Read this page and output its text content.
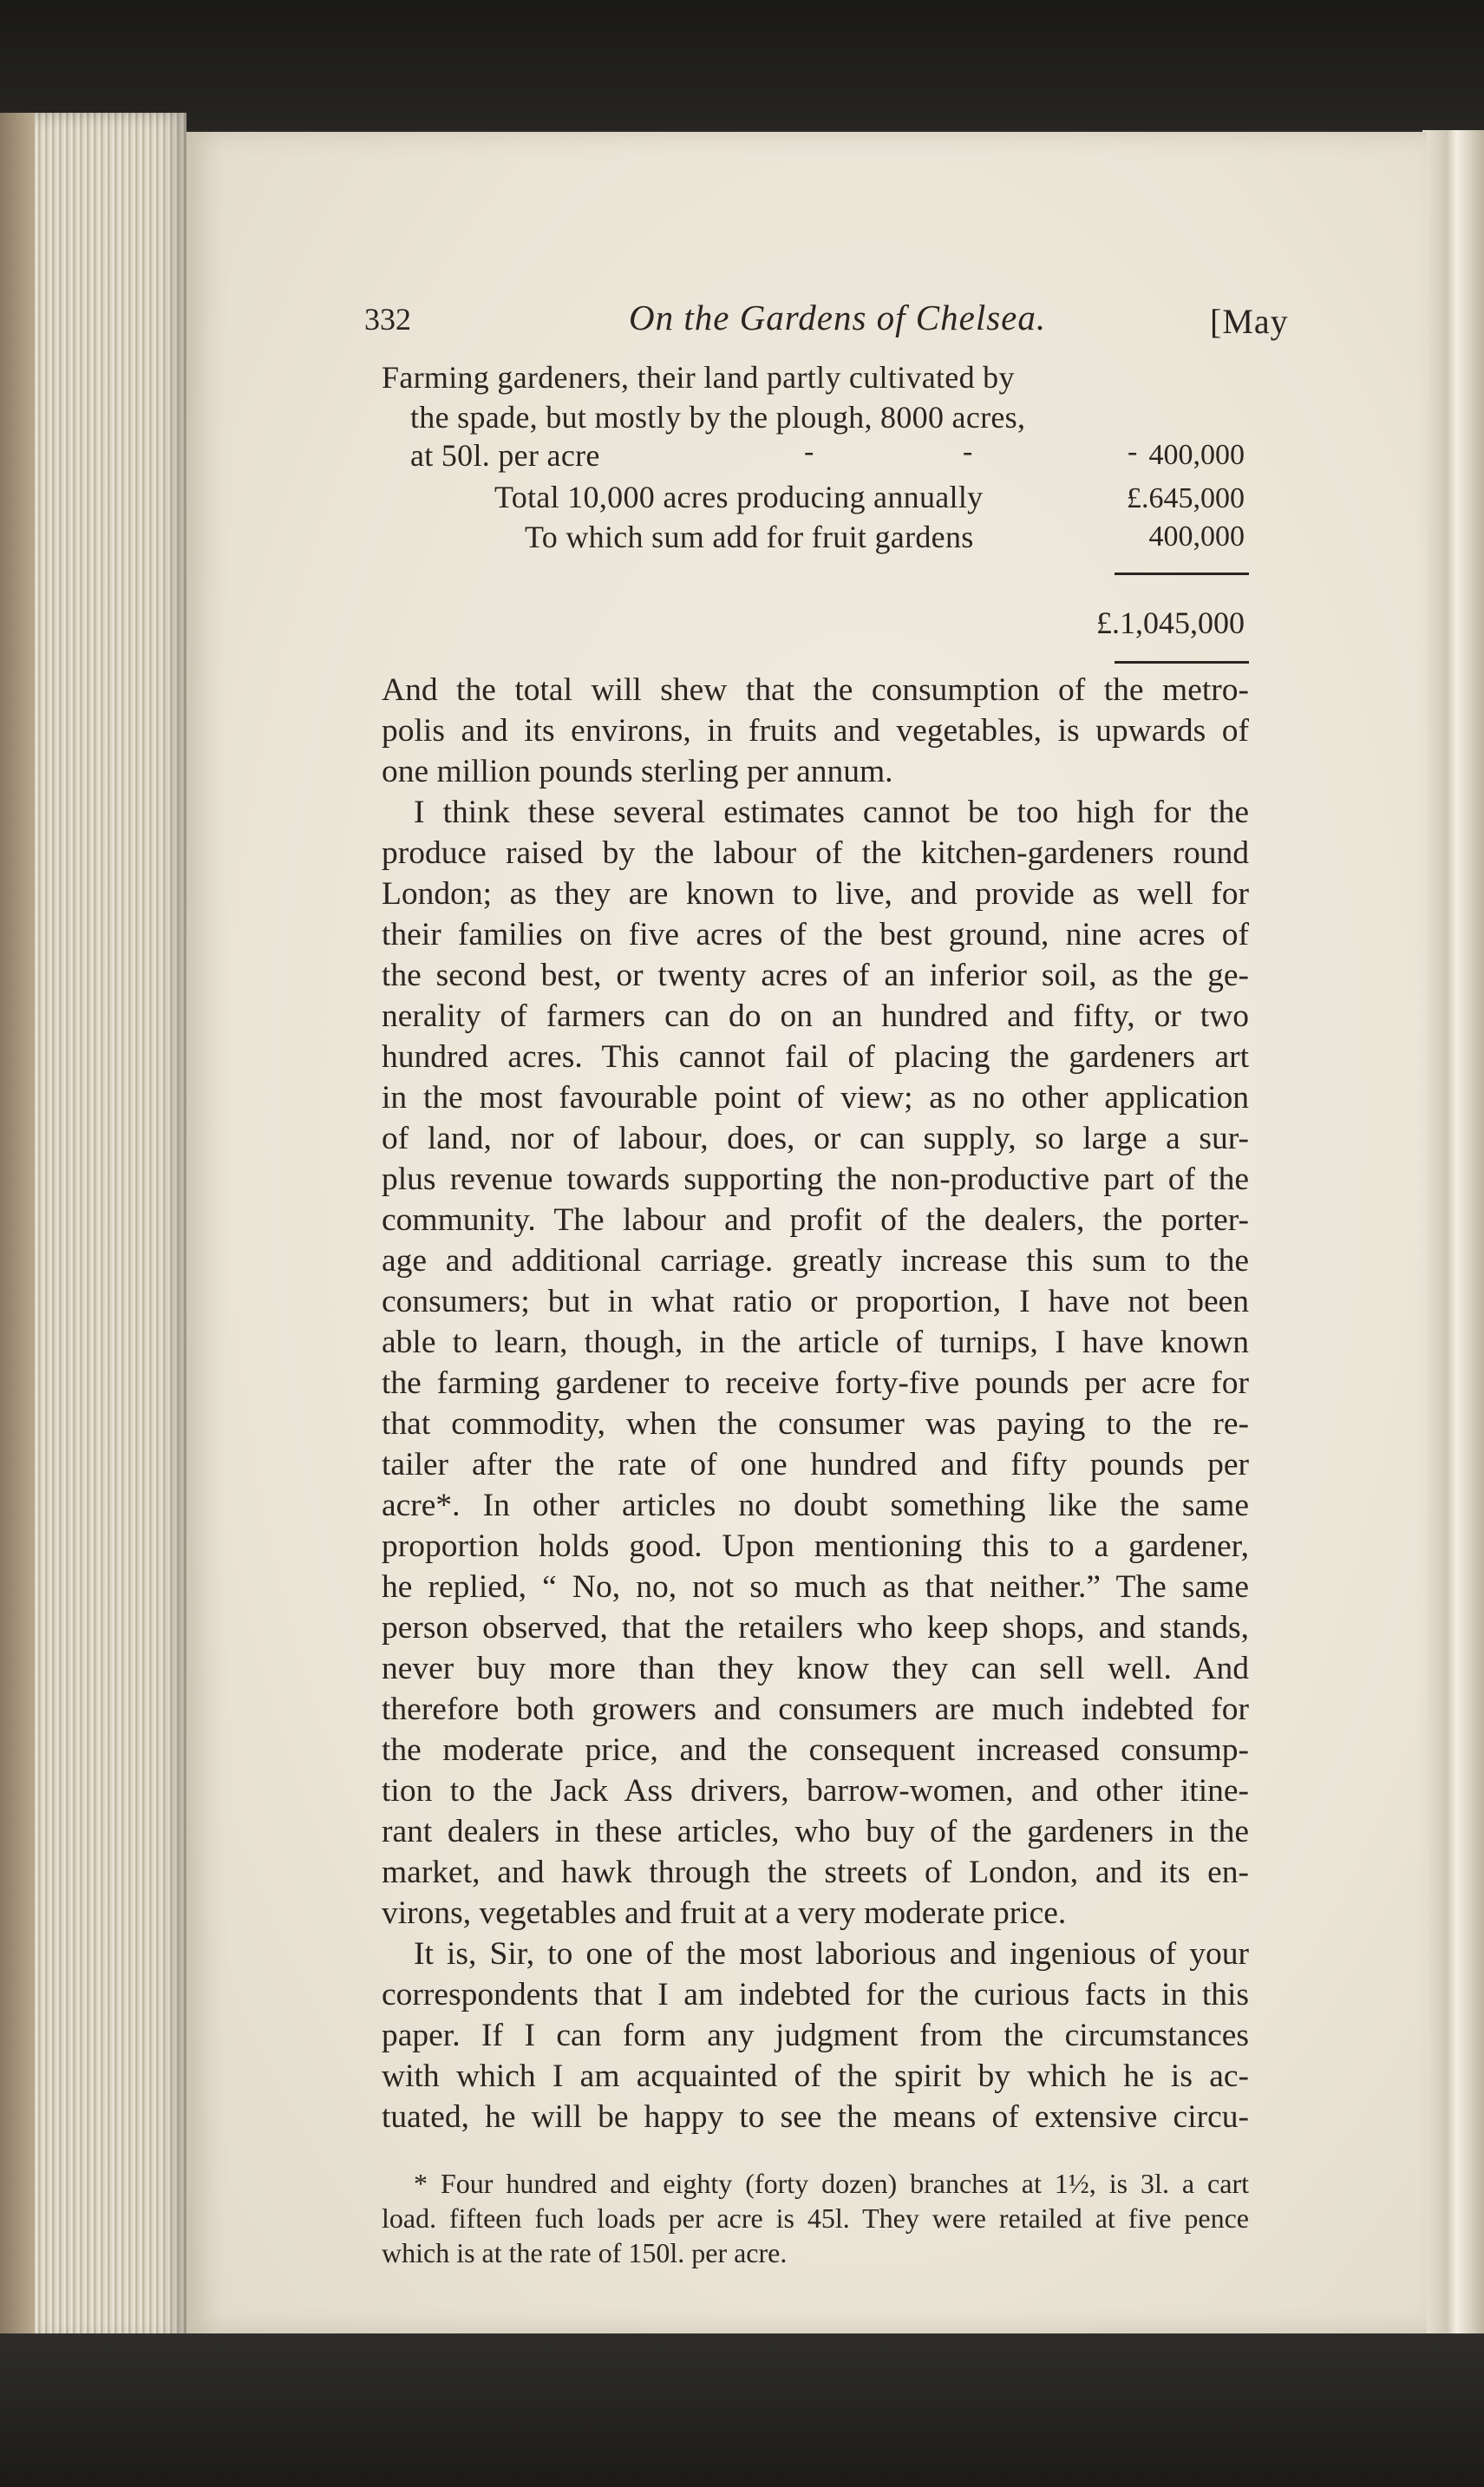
332	On the Gardens of Chelsea.	[May
Farming gardeners, their land partly cultivated by
the spade, but mostly by the plough, 8000 acres,
at 50l. per acre	-	-	- 400,000
Total 10,000 acres producing annually	£.645,000
To which sum add for fruit gardens	400,000
£.1,045,000
And the total will shew that the consumption of the metro-
polis and its environs, in fruits and vegetables, is upwards of
one million pounds sterling per annum.
I think these several estimates cannot be too high for the
produce raised by the labour of the kitchen-gardeners round
London; as they are known to live, and provide as well for
their families on five acres of the best ground, nine acres of
the second best, or twenty acres of an inferior soil, as the ge-
nerality of farmers can do on an hundred and fifty, or two
hundred acres. This cannot fail of placing the gardeners art
in the most favourable point of view; as no other application
of land, nor of labour, does, or can supply, so large a sur-
plus revenue towards supporting the non-productive part of the
community. The labour and profit of the dealers, the porter-
age and additional carriage. greatly increase this sum to the
consumers; but in what ratio or proportion, I have not been
able to learn, though, in the article of turnips, I have known
the farming gardener to receive forty-five pounds per acre for
that commodity, when the consumer was paying to the re-
tailer after the rate of one hundred and fifty pounds per
acre*. In other articles no doubt something like the same
proportion holds good. Upon mentioning this to a gardener,
he replied, “ No, no, not so much as that neither.” The same
person observed, that the retailers who keep shops, and stands,
never buy more than they know they can sell well. And
therefore both growers and consumers are much indebted for
the moderate price, and the consequent increased consump-
tion to the Jack Ass drivers, barrow-women, and other itine-
rant dealers in these articles, who buy of the gardeners in the
market, and hawk through the streets of London, and its en-
virons, vegetables and fruit at a very moderate price.
It is, Sir, to one of the most laborious and ingenious of your
correspondents that I am indebted for the curious facts in this
paper. If I can form any judgment from the circumstances
with which I am acquainted of the spirit by which he is ac-
tuated, he will be happy to see the means of extensive circu-
* Four hundred and eighty (forty dozen) branches at 1½, is 3l. a cart
load. fifteen fuch loads per acre is 45l. They were retailed at five pence
which is at the rate of 150l. per acre.
